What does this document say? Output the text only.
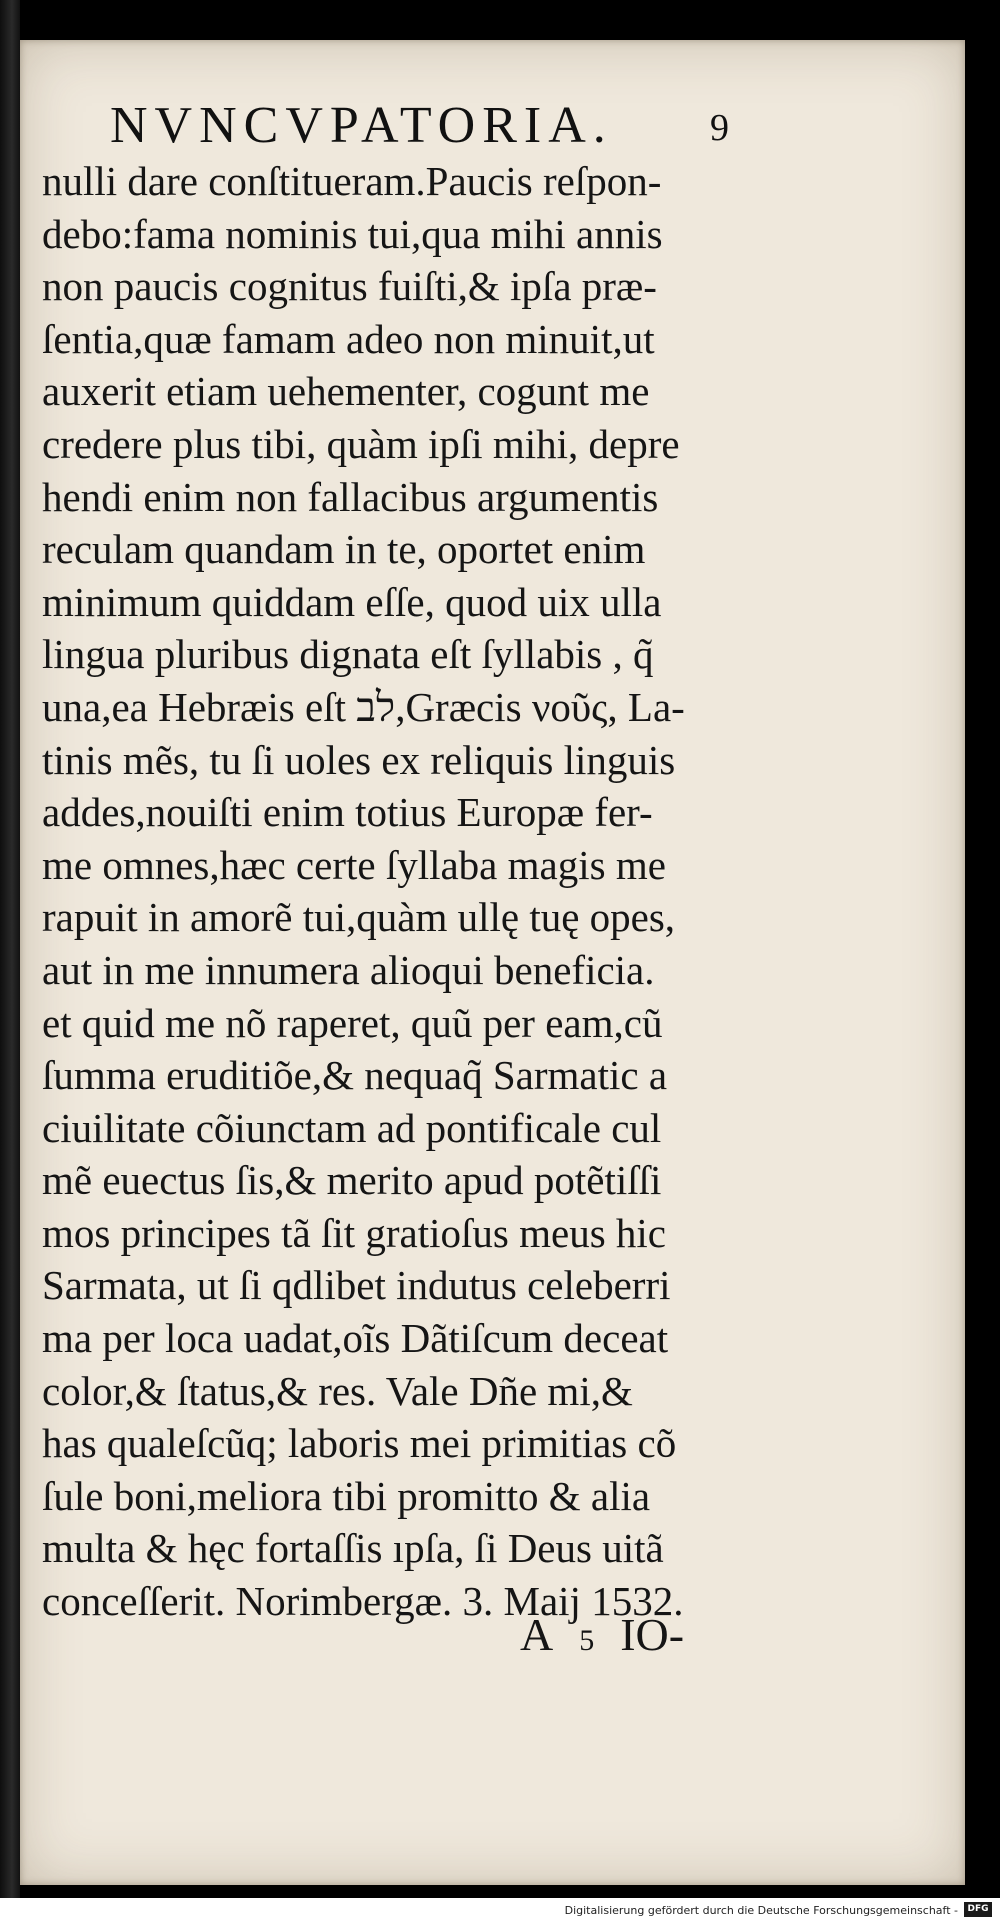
NVNCVPATORIA.	9
nulli dare conſtitueram.Paucis reſpon-
debo:fama nominis tui,qua mihi annis
non paucis cognitus fuiſti,& ipſa præ-
ſentia,quæ famam adeo non minuit,ut
auxerit etiam uehementer, cogunt me
credere plus tibi, quàm ipſi mihi, depre
hendi enim non fallacibus argumentis
reculam quandam in te, oportet enim
minimum quiddam eſſe, quod uix ulla
lingua pluribus dignata eſt ſyllabis , q̃
una,ea Hebræis eſt לב,Græcis νοῦς, La-
tinis mẽs, tu ſi uoles ex reliquis linguis
addes,nouiſti enim totius Europæ fer-
me omnes,hæc certe ſyllaba magis me
rapuit in amorẽ tui,quàm ullę tuę opes,
aut in me innumera alioqui beneficia.
et quid me nõ raperet, quũ per eam,cũ
ſumma eruditiõe,& nequaq̃ Sarmatic a
ciuilitate cõiunctam ad pontificale cul
mẽ euectus ſis,& merito apud potẽtiſſi
mos principes tã ſit gratioſus meus hic
Sarmata, ut ſi qdlibet indutus celeberri
ma per loca uadat,oĩs Dãtiſcum deceat
color,& ſtatus,& res. Vale Dñe mi,&
has qualeſcũq; laboris mei primitias cõ
ſule boni,meliora tibi promitto & alia
multa & hęc fortaſſis ıpſa, ſi Deus uitã
conceſſerit. Norimbergæ. 3. Maij 1532.
A 5 IO-
Digitalisierung gefördert durch die Deutsche Forschungsgemeinschaft -	DFG
